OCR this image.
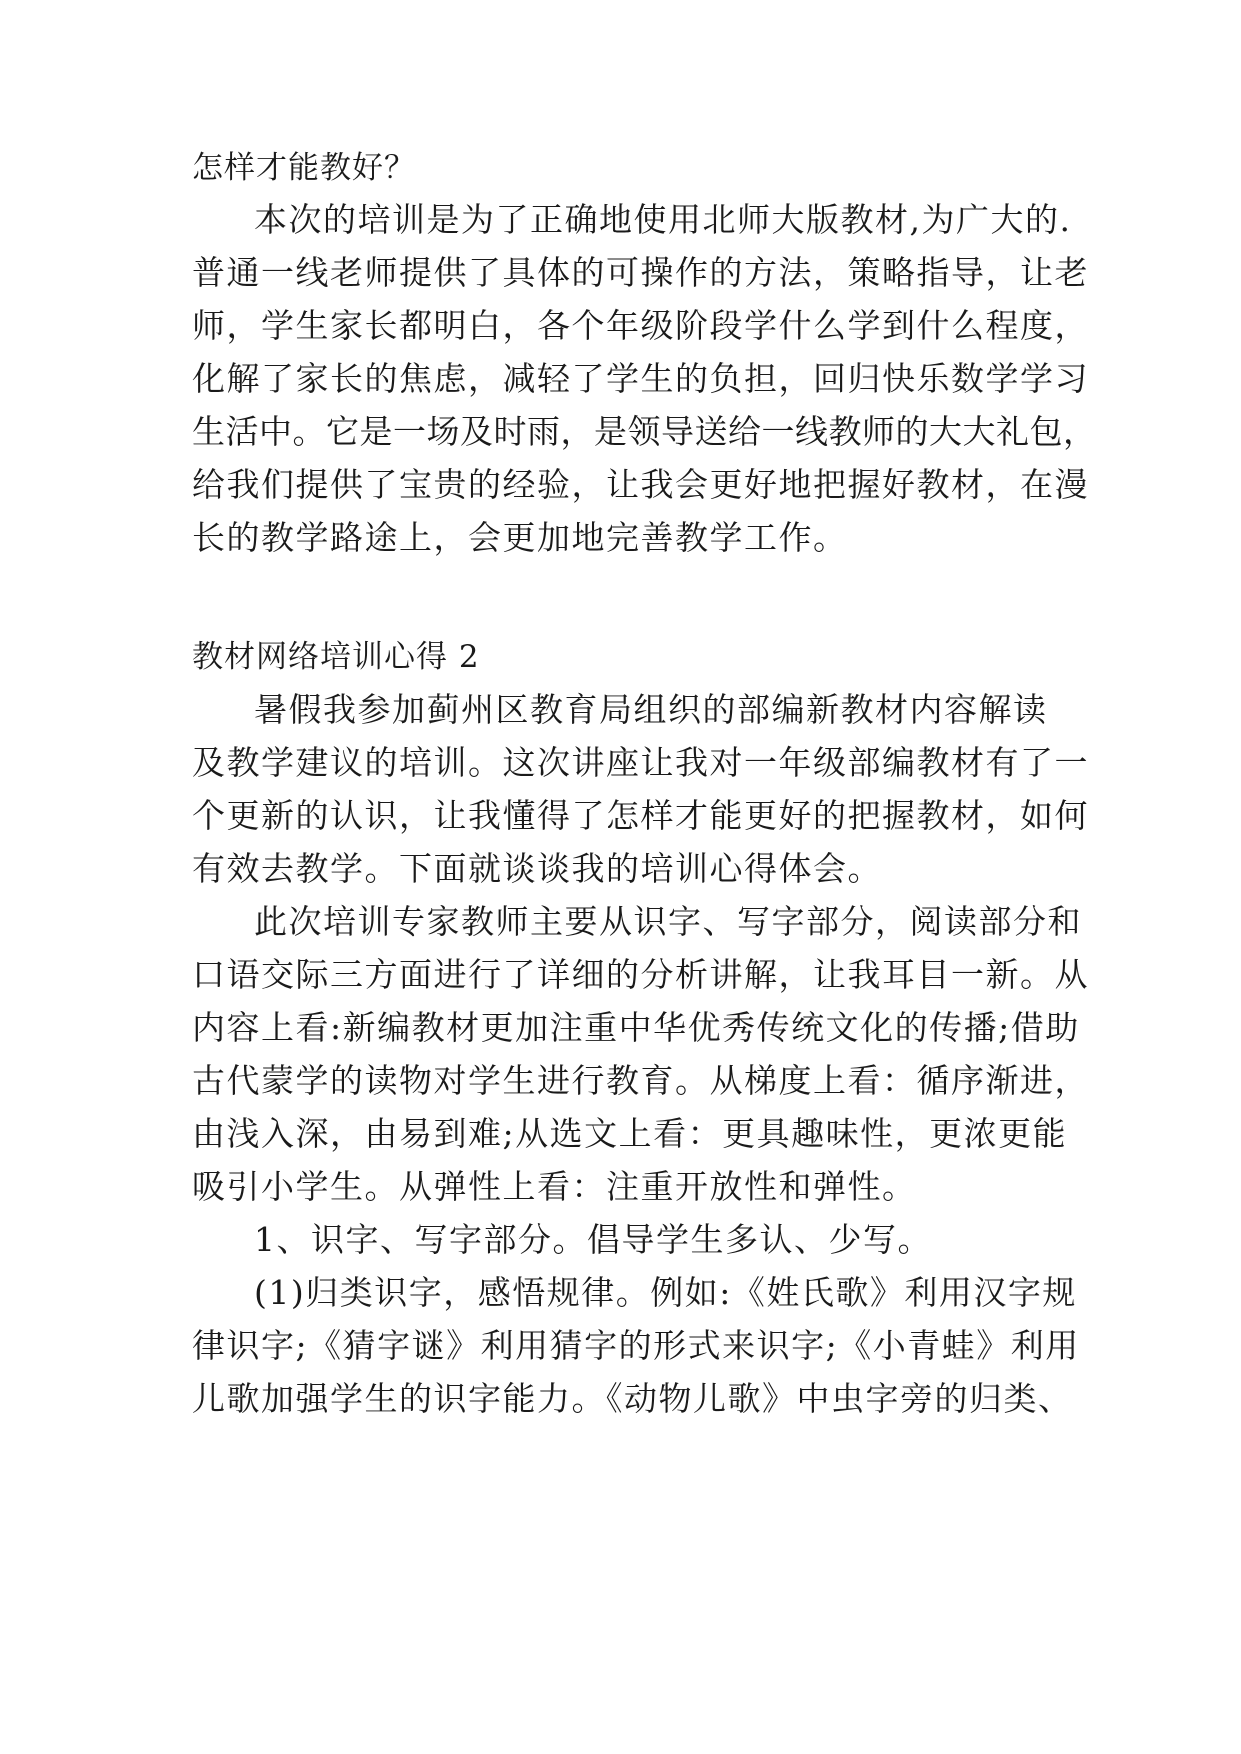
怎样才能教好？
本次的培训是为了正确地使用北师大版教材,为广大的.
普通一线老师提供了具体的可操作的方法，策略指导，让老
师，学生家长都明白，各个年级阶段学什么学到什么程度，
化解了家长的焦虑，减轻了学生的负担，回归快乐数学学习
生活中。它是一场及时雨，是领导送给一线教师的大大礼包，
给我们提供了宝贵的经验，让我会更好地把握好教材，在漫
长的教学路途上，会更加地完善教学工作。
教材网络培训心得 2
暑假我参加蓟州区教育局组织的部编新教材内容解读
及教学建议的培训。这次讲座让我对一年级部编教材有了一
个更新的认识，让我懂得了怎样才能更好的把握教材，如何
有效去教学。下面就谈谈我的培训心得体会。
此次培训专家教师主要从识字、写字部分，阅读部分和
口语交际三方面进行了详细的分析讲解，让我耳目一新。从
内容上看:新编教材更加注重中华优秀传统文化的传播;借助
古代蒙学的读物对学生进行教育。从梯度上看：循序渐进，
由浅入深，由易到难;从选文上看：更具趣味性，更浓更能
吸引小学生。从弹性上看：注重开放性和弹性。
1、识字、写字部分。倡导学生多认、少写。
(1)归类识字，感悟规律。例如:《姓氏歌》利用汉字规
律识字;《猜字谜》利用猜字的形式来识字;《小青蛙》利用
儿歌加强学生的识字能力。《动物儿歌》中虫字旁的归类、
